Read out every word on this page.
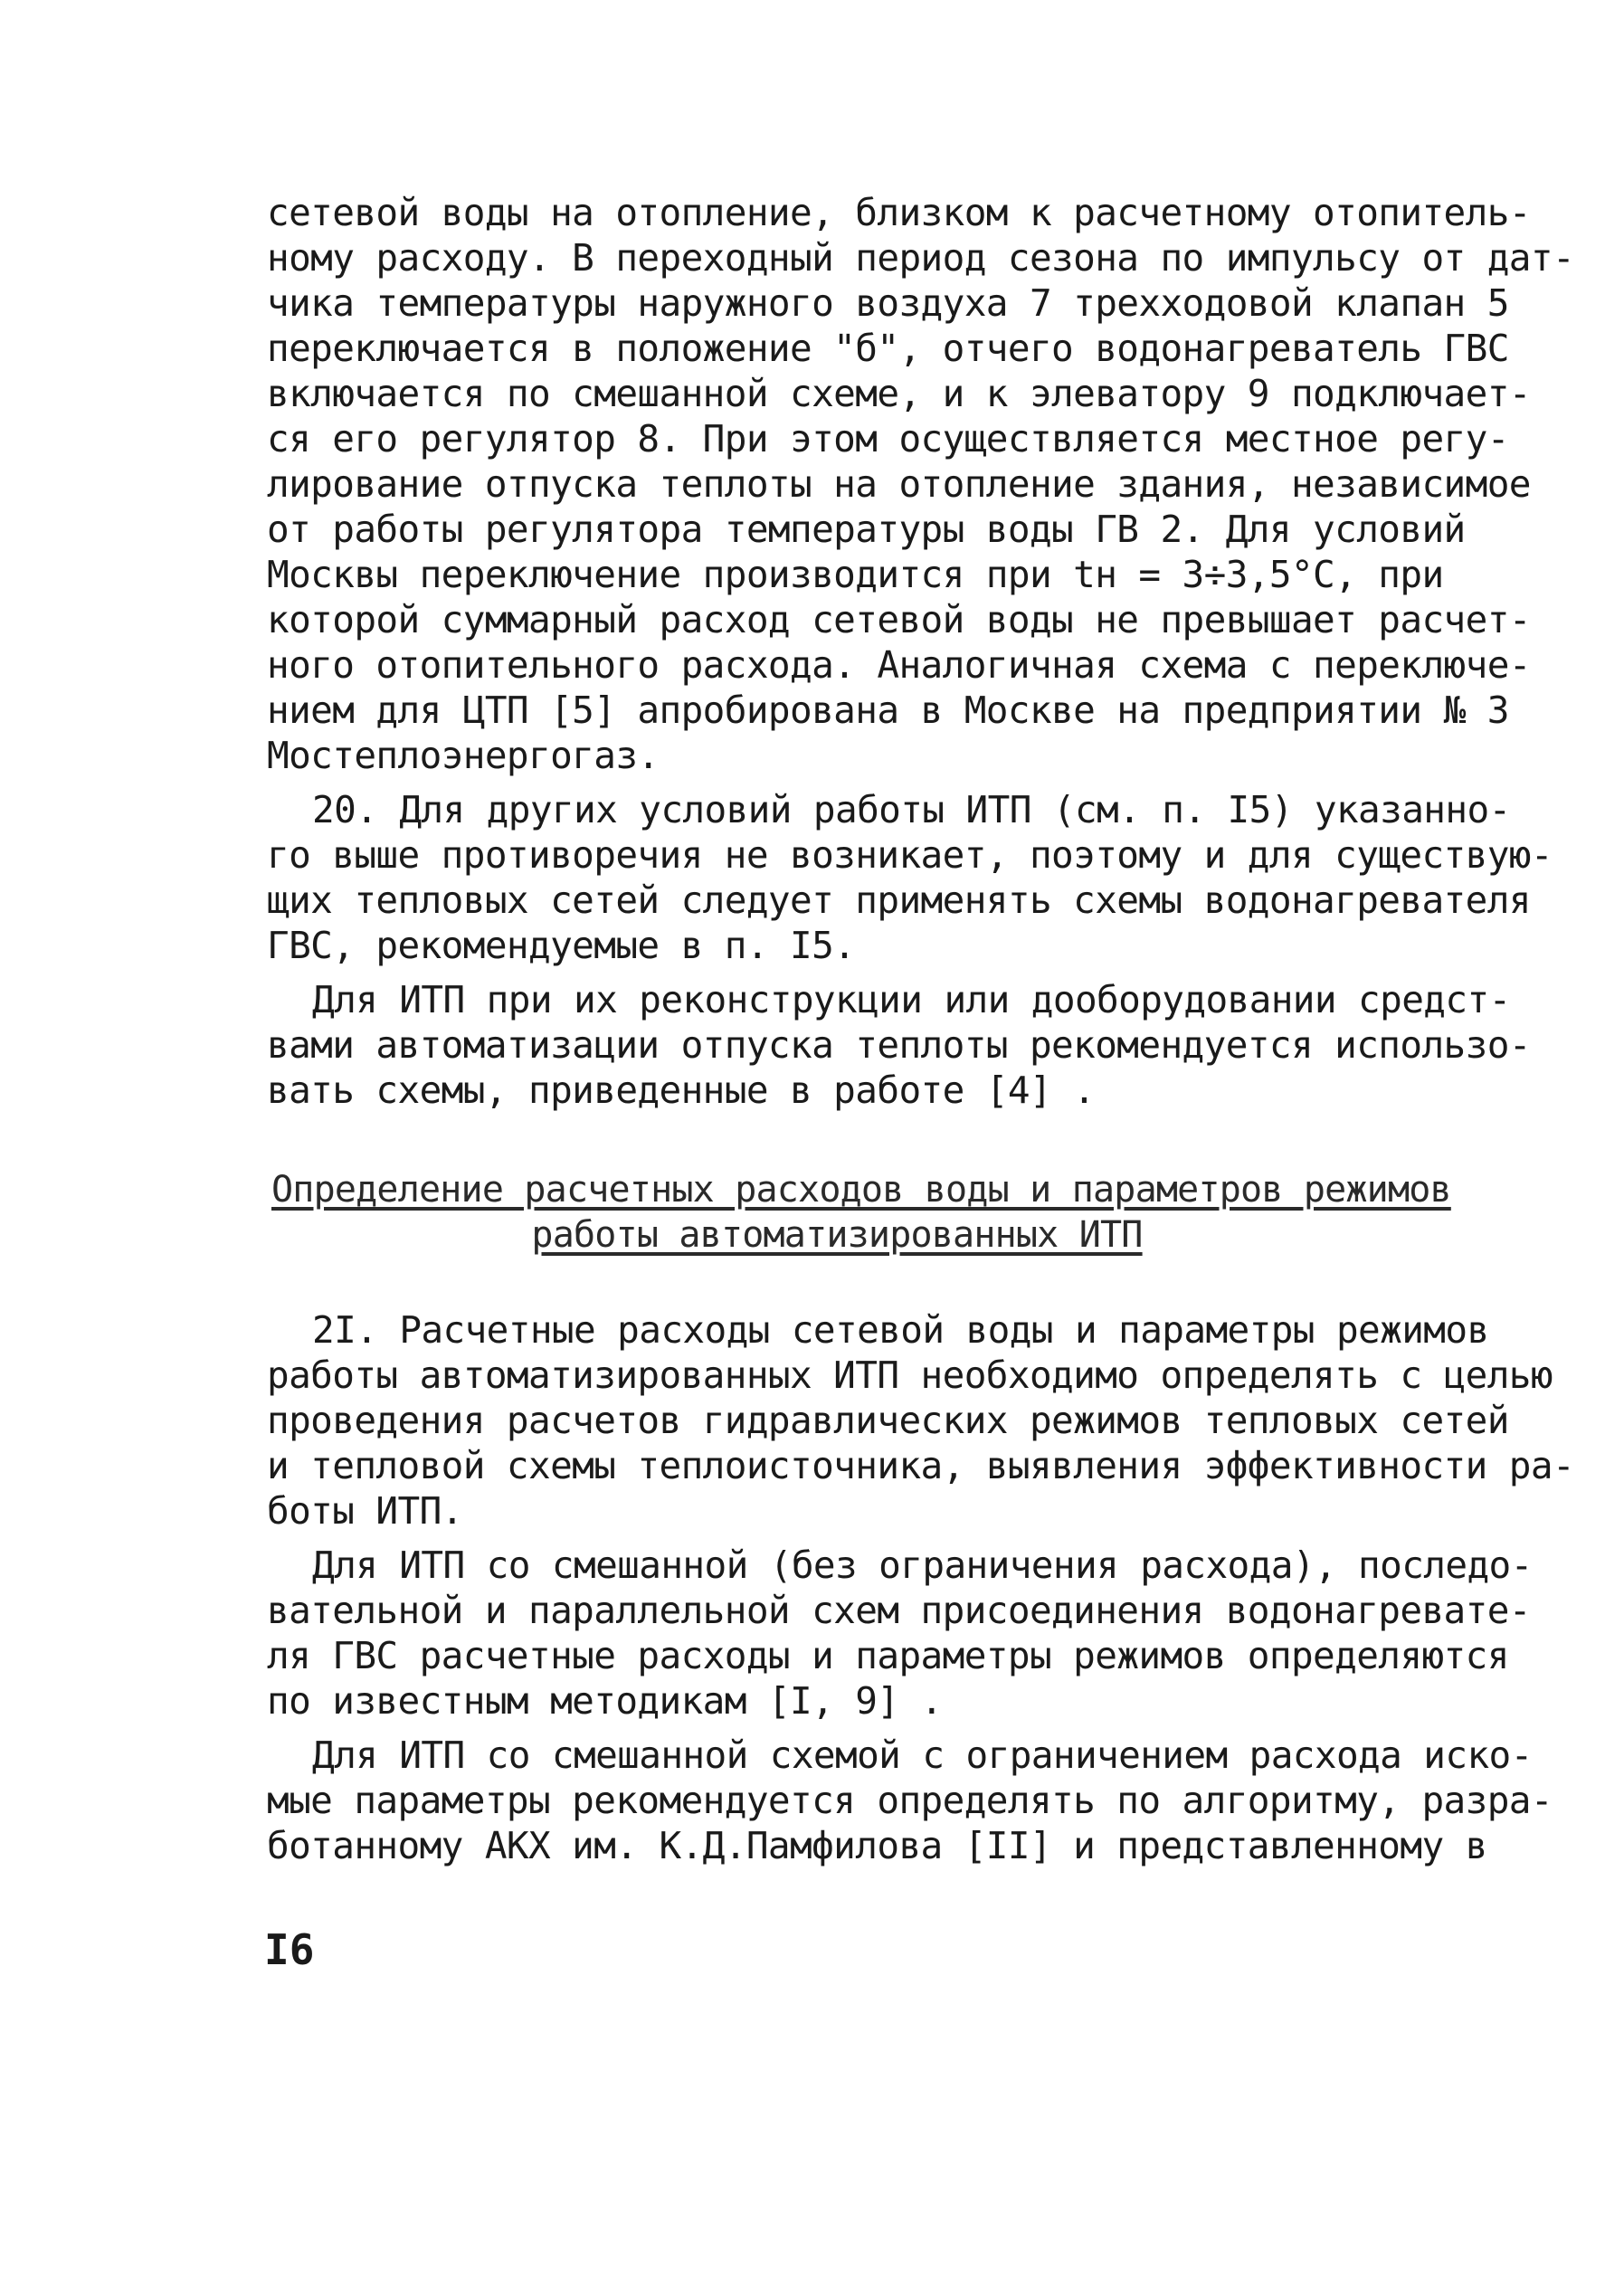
сетевой воды на отопление, близком к расчетному отопитель-
ному расходу. В переходный период сезона по импульсу от дат-
чика температуры наружного воздуха 7 трехходовой клапан 5
переключается в положение "б", отчего водонагреватель ГВС
включается по смешанной схеме, и к элеватору 9 подключает-
ся его регулятор 8. При этом осуществляется местное регу-
лирование отпуска теплоты на отопление здания, независимое
от работы регулятора температуры воды ГВ 2. Для условий
Москвы переключение производится при tн = 3÷3,5°С, при
которой суммарный расход сетевой воды не превышает расчет-
ного отопительного расхода. Аналогичная схема с переключе-
нием для ЦТП [5] апробирована в Москве на предприятии № 3
Мостеплоэнергогаз.
20. Для других условий работы ИТП (см. п. I5) указанно-
го выше противоречия не возникает, поэтому и для существую-
щих тепловых сетей следует применять схемы водонагревателя
ГВС, рекомендуемые в п. I5.
Для ИТП при их реконструкции или дооборудовании средст-
вами автоматизации отпуска теплоты рекомендуется использо-
вать схемы, приведенные в работе [4] .
Определение расчетных расходов воды и параметров режимов
работы автоматизированных ИТП
2I. Расчетные расходы сетевой воды и параметры режимов
работы автоматизированных ИТП необходимо определять с целью
проведения расчетов гидравлических режимов тепловых сетей
и тепловой схемы теплоисточника, выявления эффективности ра-
боты ИТП.
Для ИТП со смешанной (без ограничения расхода), последо-
вательной и параллельной схем присоединения водонагревате-
ля ГВС расчетные расходы и параметры режимов определяются
по известным методикам [I, 9] .
Для ИТП со смешанной схемой с ограничением расхода иско-
мые параметры рекомендуется определять по алгоритму, разра-
ботанному АКХ им. К.Д.Памфилова [II] и представленному в
I6
